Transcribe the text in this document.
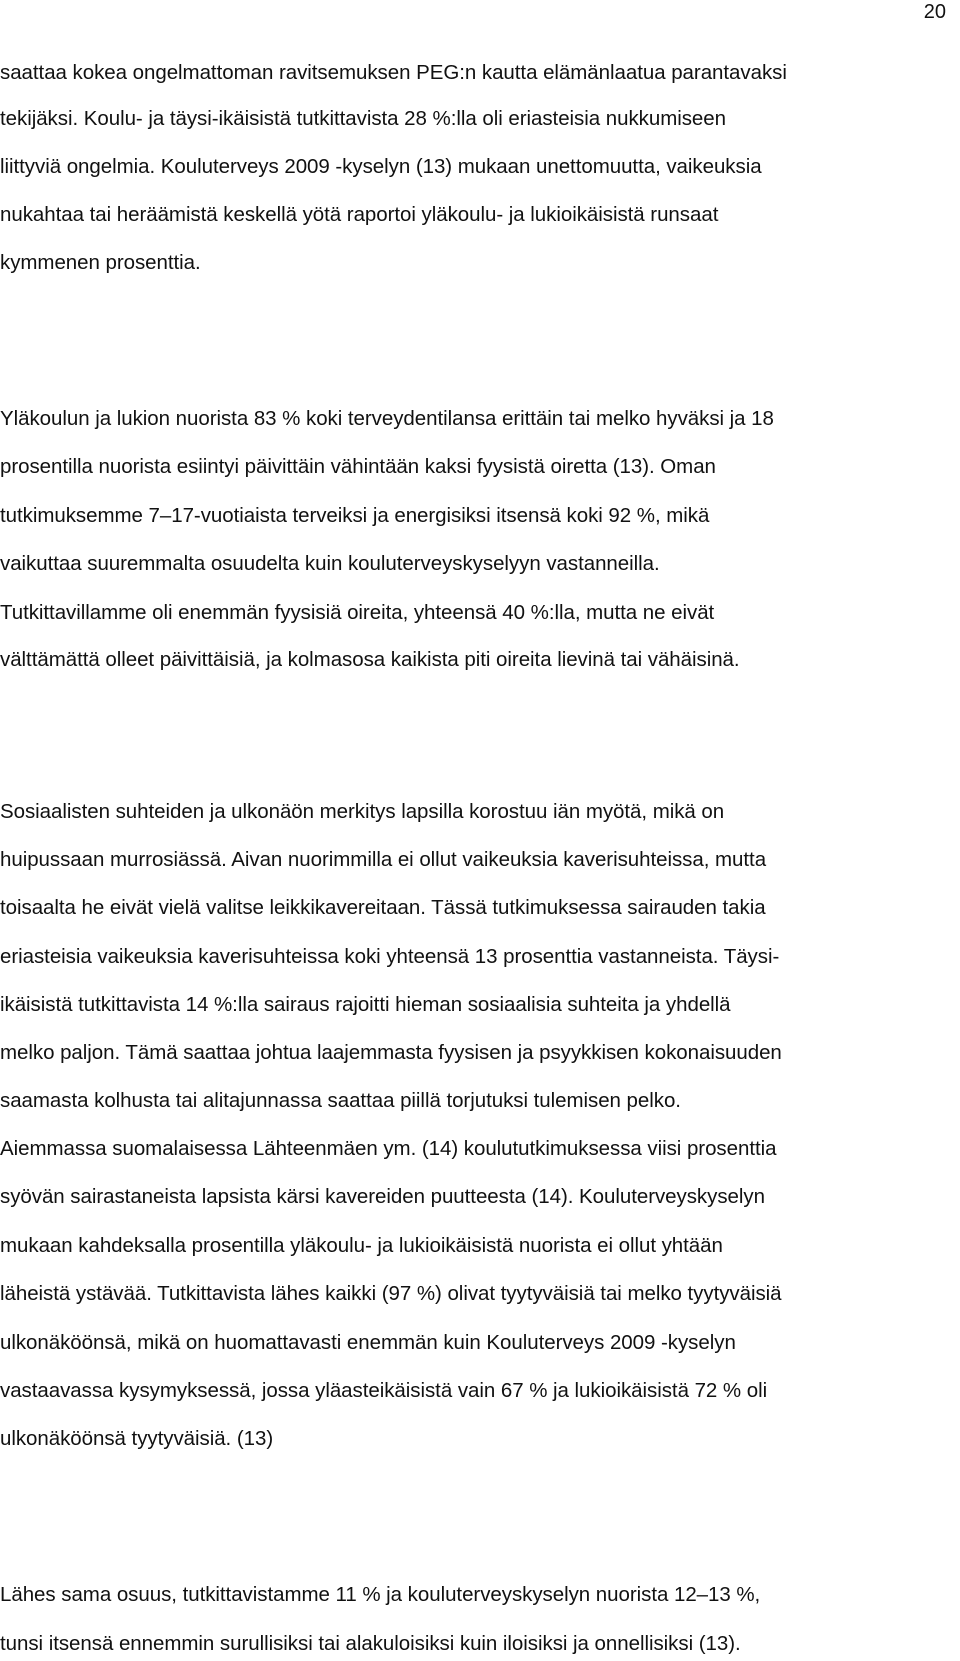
20
saattaa kokea ongelmattoman ravitsemuksen PEG:n kautta elämänlaatua parantavaksi
tekijäksi. Koulu- ja täysi-ikäisistä tutkittavista 28 %:lla oli eriasteisia nukkumiseen
liittyviä ongelmia. Kouluterveys 2009 -kyselyn (13) mukaan unettomuutta, vaikeuksia
nukahtaa tai heräämistä keskellä yötä raportoi yläkoulu- ja lukioikäisistä runsaat
kymmenen prosenttia.
Yläkoulun ja lukion nuorista 83 % koki terveydentilansa erittäin tai melko hyväksi ja 18
prosentilla nuorista esiintyi päivittäin vähintään kaksi fyysistä oiretta (13). Oman
tutkimuksemme 7–17-vuotiaista terveiksi ja energisiksi itsensä koki 92 %, mikä
vaikuttaa suuremmalta osuudelta kuin kouluterveyskyselyyn vastanneilla.
Tutkittavillamme oli enemmän fyysisiä oireita, yhteensä 40 %:lla, mutta ne eivät
välttämättä olleet päivittäisiä, ja kolmasosa kaikista piti oireita lievinä tai vähäisinä.
Sosiaalisten suhteiden ja ulkonäön merkitys lapsilla korostuu iän myötä, mikä on
huipussaan murrosiässä. Aivan nuorimmilla ei ollut vaikeuksia kaverisuhteissa, mutta
toisaalta he eivät vielä valitse leikkikavereitaan. Tässä tutkimuksessa sairauden takia
eriasteisia vaikeuksia kaverisuhteissa koki yhteensä 13 prosenttia vastanneista. Täysi-
ikäisistä tutkittavista 14 %:lla sairaus rajoitti hieman sosiaalisia suhteita ja yhdellä
melko paljon. Tämä saattaa johtua laajemmasta fyysisen ja psyykkisen kokonaisuuden
saamasta kolhusta tai alitajunnassa saattaa piillä torjutuksi tulemisen pelko.
Aiemmassa suomalaisessa Lähteenmäen ym. (14) koulututkimuksessa viisi prosenttia
syövän sairastaneista lapsista kärsi kavereiden puutteesta (14). Kouluterveyskyselyn
mukaan kahdeksalla prosentilla yläkoulu- ja lukioikäisistä nuorista ei ollut yhtään
läheistä ystävää. Tutkittavista lähes kaikki (97 %) olivat tyytyväisiä tai melko tyytyväisiä
ulkonäköönsä, mikä on huomattavasti enemmän kuin Kouluterveys 2009 -kyselyn
vastaavassa kysymyksessä, jossa yläasteikäisistä vain 67 % ja lukioikäisistä 72 % oli
ulkonäköönsä tyytyväisiä. (13)
Lähes sama osuus, tutkittavistamme 11 % ja kouluterveyskyselyn nuorista 12–13 %,
tunsi itsensä ennemmin surullisiksi tai alakuloisiksi kuin iloisiksi ja onnellisiksi (13).
